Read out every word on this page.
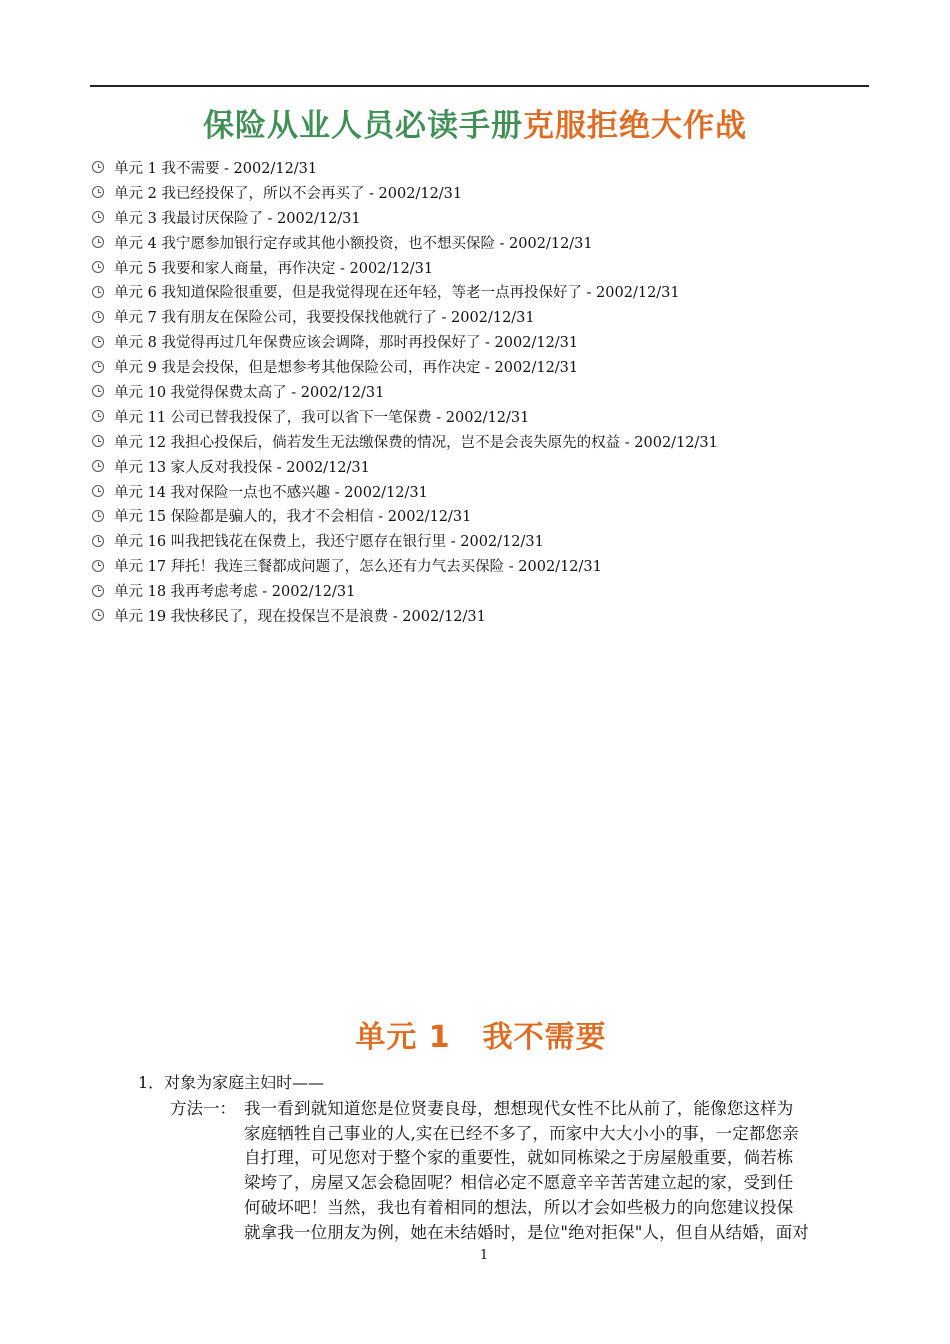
保险从业人员必读手册克服拒绝大作战
单元 1 我不需要 - 2002/12/31
单元 2 我已经投保了，所以不会再买了 - 2002/12/31
单元 3 我最讨厌保险了 - 2002/12/31
单元 4 我宁愿参加银行定存或其他小额投资，也不想买保险 - 2002/12/31
单元 5 我要和家人商量，再作决定 - 2002/12/31
单元 6 我知道保险很重要，但是我觉得现在还年轻，等老一点再投保好了 - 2002/12/31
单元 7 我有朋友在保险公司，我要投保找他就行了 - 2002/12/31
单元 8 我觉得再过几年保费应该会调降，那时再投保好了 - 2002/12/31
单元 9 我是会投保，但是想参考其他保险公司，再作决定 - 2002/12/31
单元 10 我觉得保费太高了 - 2002/12/31
单元 11 公司已替我投保了，我可以省下一笔保费 - 2002/12/31
单元 12 我担心投保后，倘若发生无法缴保费的情况，岂不是会丧失原先的权益 - 2002/12/31
单元 13 家人反对我投保 - 2002/12/31
单元 14 我对保险一点也不感兴趣 - 2002/12/31
单元 15 保险都是骗人的，我才不会相信 - 2002/12/31
单元 16 叫我把钱花在保费上，我还宁愿存在银行里 - 2002/12/31
单元 17 拜托！我连三餐都成问题了，怎么还有力气去买保险 - 2002/12/31
单元 18 我再考虑考虑 - 2002/12/31
单元 19 我快移民了，现在投保岂不是浪费 - 2002/12/31
单元 1 我不需要
1．对象为家庭主妇时——
方法一： 我一看到就知道您是位贤妻良母，想想现代女性不比从前了，能像您这样为
家庭牺牲自己事业的人,实在已经不多了，而家中大大小小的事，一定都您亲
自打理，可见您对于整个家的重要性，就如同栋梁之于房屋般重要，倘若栋
梁垮了，房屋又怎会稳固呢？相信必定不愿意辛辛苦苦建立起的家，受到任
何破坏吧！当然，我也有着相同的想法，所以才会如些极力的向您建议投保
就拿我一位朋友为例，她在未结婚时，是位"绝对拒保"人，但自从结婚，面对
1
